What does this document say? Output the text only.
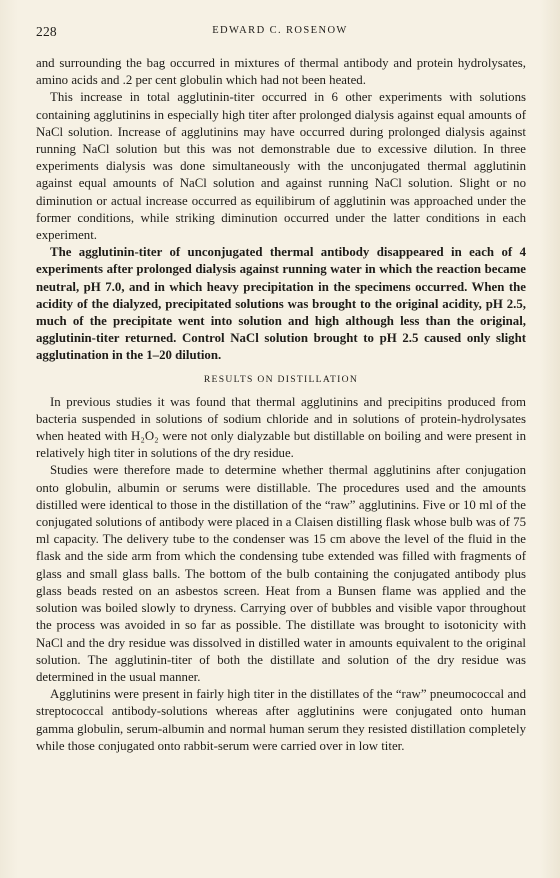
228	EDWARD C. ROSENOW

and surrounding the bag occurred in mixtures of thermal antibody and protein hydrolysates, amino acids and .2 per cent globulin which had not been heated.

This increase in total agglutinin-titer occurred in 6 other experiments with solutions containing agglutinins in especially high titer after prolonged dialysis against equal amounts of NaCl solution. Increase of agglutinins may have occurred during prolonged dialysis against running NaCl solution but this was not demonstrable due to excessive dilution. In three experiments dialysis was done simultaneously with the unconjugated thermal agglutinin against equal amounts of NaCl solution and against running NaCl solution. Slight or no diminution or actual increase occurred as equilibirum of agglutinin was approached under the former conditions, while striking diminution occurred under the latter conditions in each experiment.

The agglutinin-titer of unconjugated thermal antibody disappeared in each of 4 experiments after prolonged dialysis against running water in which the reaction became neutral, pH 7.0, and in which heavy precipitation in the specimens occurred. When the acidity of the dialyzed, precipitated solutions was brought to the original acidity, pH 2.5, much of the precipitate went into solution and high although less than the original, agglutinin-titer returned. Control NaCl solution brought to pH 2.5 caused only slight agglutination in the 1–20 dilution.

RESULTS ON DISTILLATION

In previous studies it was found that thermal agglutinins and precipitins produced from bacteria suspended in solutions of sodium chloride and in solutions of protein-hydrolysates when heated with H₂O₂ were not only dialyzable but distillable on boiling and were present in relatively high titer in solutions of the dry residue.

Studies were therefore made to determine whether thermal agglutinins after conjugation onto globulin, albumin or serums were distillable. The procedures used and the amounts distilled were identical to those in the distillation of the “raw” agglutinins. Five or 10 ml of the conjugated solutions of antibody were placed in a Claisen distilling flask whose bulb was of 75 ml capacity. The delivery tube to the condenser was 15 cm above the level of the fluid in the flask and the side arm from which the condensing tube extended was filled with fragments of glass and small glass balls. The bottom of the bulb containing the conjugated antibody plus glass beads rested on an asbestos screen. Heat from a Bunsen flame was applied and the solution was boiled slowly to dryness. Carrying over of bubbles and visible vapor throughout the process was avoided in so far as possible. The distillate was brought to isotonicity with NaCl and the dry residue was dissolved in distilled water in amounts equivalent to the original solution. The agglutinin-titer of both the distillate and solution of the dry residue was determined in the usual manner.

Agglutinins were present in fairly high titer in the distillates of the “raw” pneumococcal and streptococcal antibody-solutions whereas after agglutinins were conjugated onto human gamma globulin, serum-albumin and normal human serum they resisted distillation completely while those conjugated onto rabbit-serum were carried over in low titer.
